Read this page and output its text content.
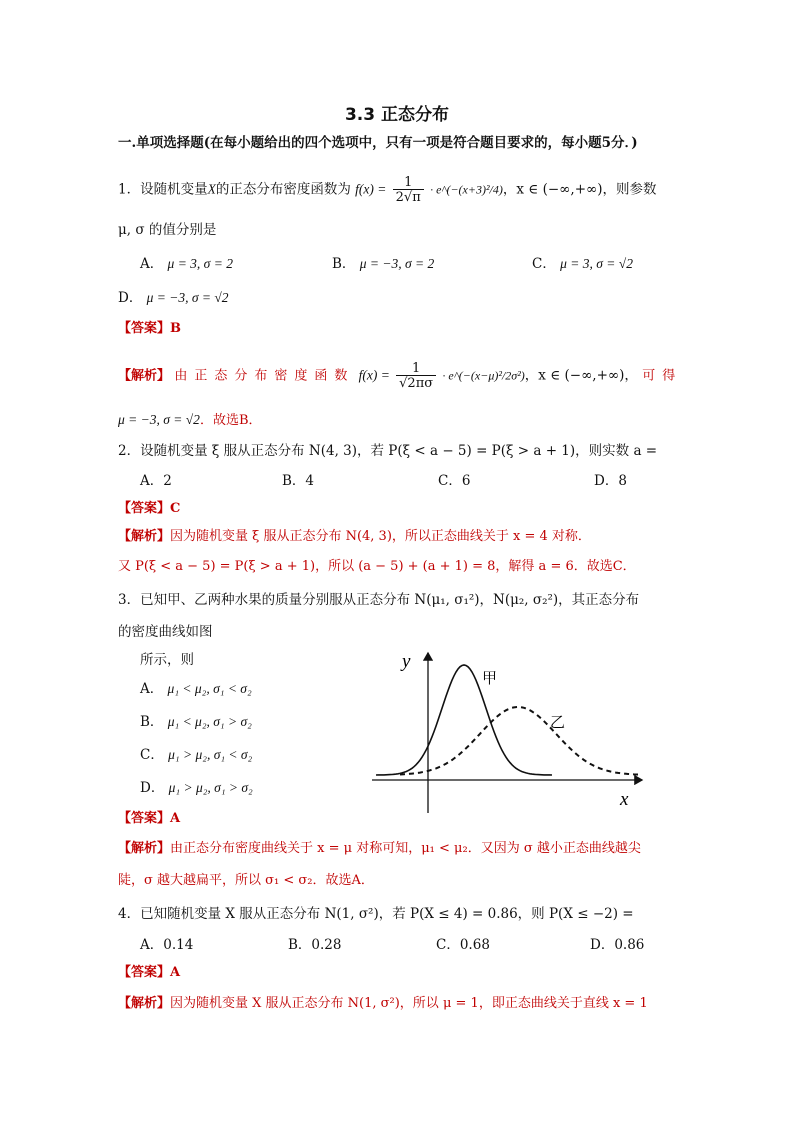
3.3 正态分布
一.单项选择题(在每小题给出的四个选项中，只有一项是符合题目要求的，每小题5分．)
1．设随机变量X的正态分布密度函数为 $f(x) = \frac{1}{2√\pi}$ · e^(−(x+3)²/4)，x ∈ (−∞,+∞)，则参数
μ, σ 的值分别是
A． μ = 3, σ = 2	B． μ = −3, σ = 2	C． μ = 3, σ = √2
D． μ = −3, σ = √2
【答案】B
【解析】 由正态分布密度函数 $f(x) = \frac{1}{√2\pi\sigma}$ · e^(−(x−μ)²/2σ²)，x ∈ (−∞,+∞)， 可得
μ = −3, σ = √2．故选B．
2．设随机变量 ξ 服从正态分布 N(4, 3)，若 P(ξ < a − 5) = P(ξ > a + 1)，则实数 a =
A．2	B．4	C．6	D．8
【答案】C
【解析】因为随机变量 ξ 服从正态分布 N(4, 3)，所以正态曲线关于 x = 4 对称．
又 P(ξ < a − 5) = P(ξ > a + 1)，所以 (a − 5) + (a + 1) = 8，解得 a = 6．故选C．
3．已知甲、乙两种水果的质量分别服从正态分布 N(μ₁, σ₁²)，N(μ₂, σ₂²)，其正态分布
的密度曲线如图
所示，则
A． μ₁ < μ₂, σ₁ < σ₂
B． μ₁ < μ₂, σ₁ > σ₂
C． μ₁ > μ₂, σ₁ < σ₂
D． μ₁ > μ₂, σ₁ > σ₂
y
x
甲
乙
【答案】A
【解析】由正态分布密度曲线关于 x = μ 对称可知，μ₁ < μ₂．又因为 σ 越小正态曲线越尖
陡，σ 越大越扁平，所以 σ₁ < σ₂．故选A．
4．已知随机变量 X 服从正态分布 N(1, σ²)，若 P(X ≤ 4) = 0.86，则 P(X ≤ −2) =
A．0.14	B．0.28	C．0.68	D．0.86
【答案】A
【解析】因为随机变量 X 服从正态分布 N(1, σ²)，所以 μ = 1，即正态曲线关于直线 x = 1
